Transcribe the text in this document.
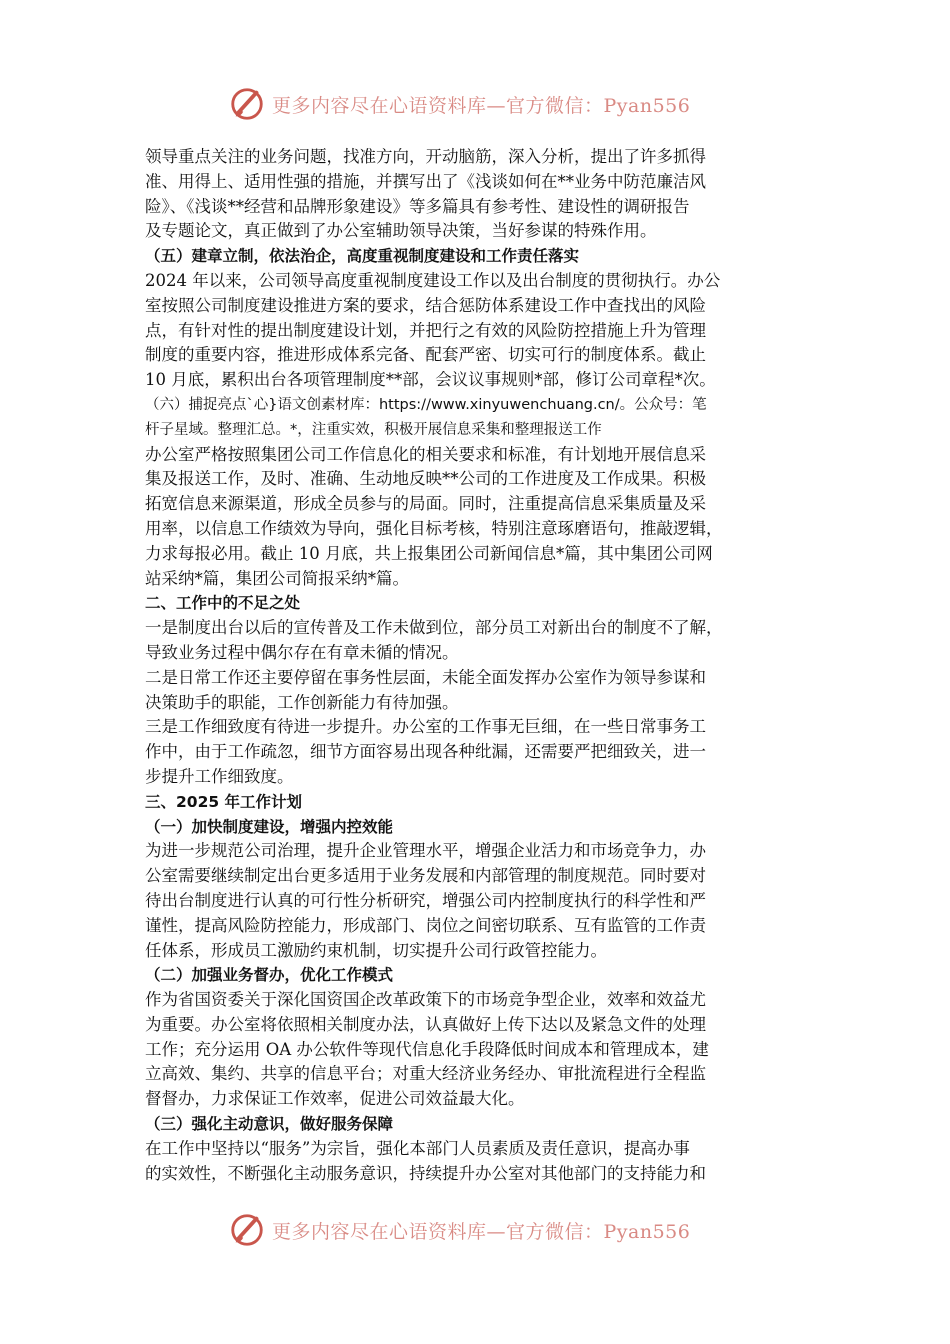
更多内容尽在心语资料库—官方微信：Pyan556
领导重点关注的业务问题，找准方向，开动脑筋，深入分析，提出了许多抓得
准、用得上、适用性强的措施，并撰写出了《浅谈如何在**业务中防范廉洁风
险》、《浅谈**经营和品牌形象建设》等多篇具有参考性、建设性的调研报告
及专题论文，真正做到了办公室辅助领导决策，当好参谋的特殊作用。
（五）建章立制，依法治企，高度重视制度建设和工作责任落实
2024 年以来，公司领导高度重视制度建设工作以及出台制度的贯彻执行。办公
室按照公司制度建设推进方案的要求，结合惩防体系建设工作中查找出的风险
点，有针对性的提出制度建设计划，并把行之有效的风险防控措施上升为管理
制度的重要内容，推进形成体系完备、配套严密、切实可行的制度体系。截止
10 月底，累积出台各项管理制度**部，会议议事规则*部，修订公司章程*次。
（六）捕捉亮点`心}语文创素材库：https://www.xinyuwenchuang.cn/。公众号：笔
杆子星域。整理汇总。*，注重实效，积极开展信息采集和整理报送工作
办公室严格按照集团公司工作信息化的相关要求和标准，有计划地开展信息采
集及报送工作，及时、准确、生动地反映**公司的工作进度及工作成果。积极
拓宽信息来源渠道，形成全员参与的局面。同时，注重提高信息采集质量及采
用率，以信息工作绩效为导向，强化目标考核，特别注意琢磨语句，推敲逻辑，
力求每报必用。截止 10 月底，共上报集团公司新闻信息*篇，其中集团公司网
站采纳*篇，集团公司简报采纳*篇。
二、工作中的不足之处
一是制度出台以后的宣传普及工作未做到位，部分员工对新出台的制度不了解，
导致业务过程中偶尔存在有章未循的情况。
二是日常工作还主要停留在事务性层面，未能全面发挥办公室作为领导参谋和
决策助手的职能，工作创新能力有待加强。
三是工作细致度有待进一步提升。办公室的工作事无巨细，在一些日常事务工
作中，由于工作疏忽，细节方面容易出现各种纰漏，还需要严把细致关，进一
步提升工作细致度。
三、2025 年工作计划
（一）加快制度建设，增强内控效能
为进一步规范公司治理，提升企业管理水平，增强企业活力和市场竞争力，办
公室需要继续制定出台更多适用于业务发展和内部管理的制度规范。同时要对
待出台制度进行认真的可行性分析研究，增强公司内控制度执行的科学性和严
谨性，提高风险防控能力，形成部门、岗位之间密切联系、互有监管的工作责
任体系，形成员工激励约束机制，切实提升公司行政管控能力。
（二）加强业务督办，优化工作模式
作为省国资委关于深化国资国企改革政策下的市场竞争型企业，效率和效益尤
为重要。办公室将依照相关制度办法，认真做好上传下达以及紧急文件的处理
工作；充分运用 OA 办公软件等现代信息化手段降低时间成本和管理成本，建
立高效、集约、共享的信息平台；对重大经济业务经办、审批流程进行全程监
督督办，力求保证工作效率，促进公司效益最大化。
（三）强化主动意识，做好服务保障
在工作中坚持以“服务”为宗旨，强化本部门人员素质及责任意识，提高办事
的实效性，不断强化主动服务意识，持续提升办公室对其他部门的支持能力和
更多内容尽在心语资料库—官方微信：Pyan556
